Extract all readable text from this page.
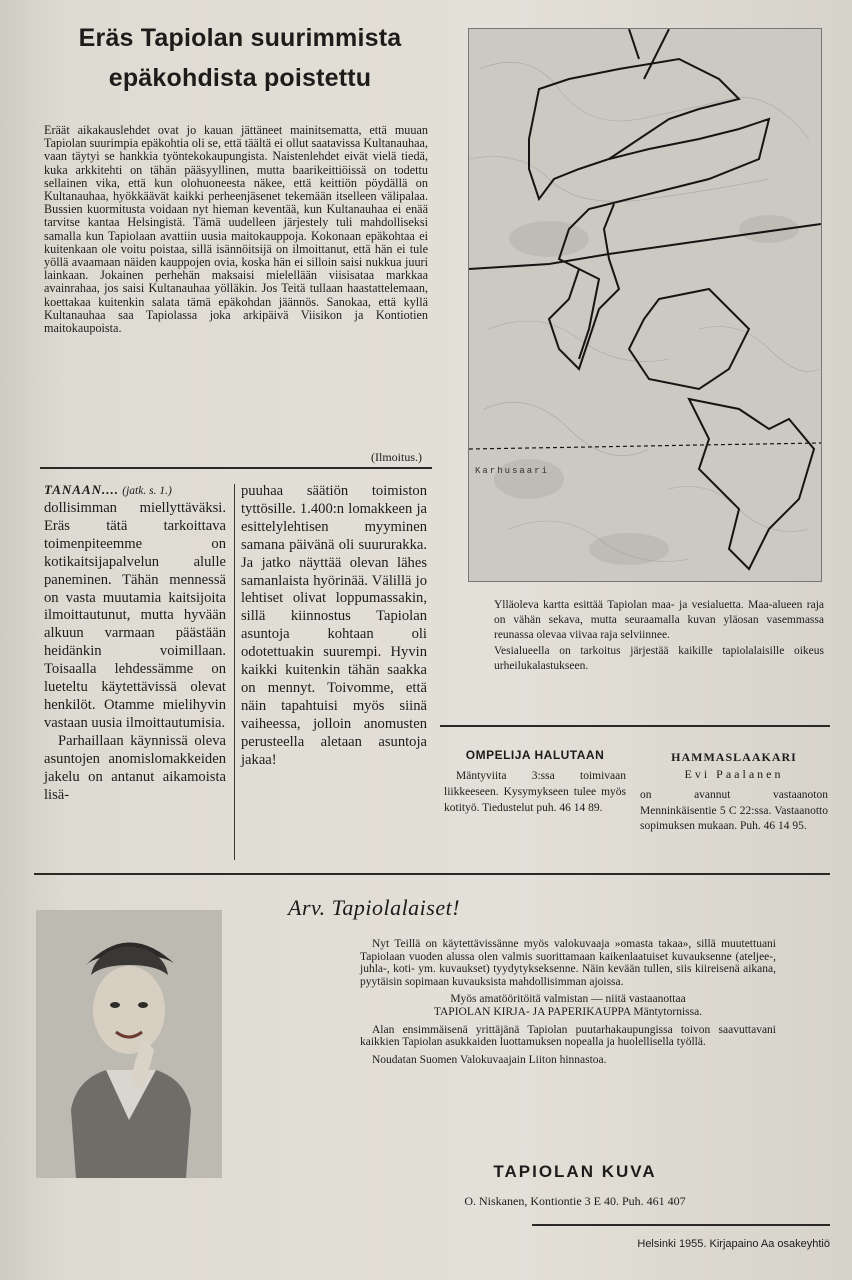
Eräs Tapiolan suurimmista
epäkohdista poistettu
Eräät aikakauslehdet ovat jo kauan jättäneet mainitsematta, että muuan Tapiolan suurimpia epäkohtia oli se, että täältä ei ollut saatavissa Kultanauhaa, vaan täytyi se hankkia työntekokaupungista. Naistenlehdet eivät vielä tiedä, kuka arkkitehti on tähän pääsyyllinen, mutta baarikeittiöissä on todettu sellainen vika, että kun olohuoneesta näkee, että keittiön pöydällä on Kultanauhaa, hyökkäävät kaikki perheenjäsenet tekemään itselleen välipalaa. Bussien kuormitusta voidaan nyt hieman keventää, kun Kultanauhaa ei enää tarvitse kantaa Helsingistä. Tämä uudelleen järjestely tuli mahdolliseksi samalla kun Tapiolaan avattiin uusia maitokauppoja. Kokonaan epäkohtaa ei kuitenkaan ole voitu poistaa, sillä isännöitsijä on ilmoittanut, että hän ei tule yöllä avaamaan näiden kauppojen ovia, koska hän ei silloin saisi nukkua juuri lainkaan. Jokainen perhehän maksaisi mielellään viisisataa markkaa avainrahaa, jos saisi Kultanauhaa yölläkin. Jos Teitä tullaan haastattelemaan, koettakaa kuitenkin salata tämä epäkohdan jäännös. Sanokaa, että kyllä Kultanauhaa saa Tapiolassa joka arkipäivä Viisikon ja Kontiotien maitokaupoista.
(Ilmoitus.)
TANAAN.... (jatk. s. 1.)
dollisimman miellyttäväksi. Eräs tätä tarkoittava toimenpiteemme on kotikaitsijapalvelun alulle paneminen. Tähän mennessä on vasta muutamia kaitsijoita ilmoittautunut, mutta hyvään alkuun varmaan päästään heidänkin voimillaan. Toisaalla lehdessämme on lueteltu käytettävissä olevat henkilöt. Otamme mielihyvin vastaan uusia ilmoittautumisia.
Parhaillaan käynnissä oleva asuntojen anomislomakkeiden jakelu on antanut aikamoista lisä-
puuhaa säätiön toimiston tyttösille. 1.400:n lomakkeen ja esittelylehtisen myyminen samana päivänä oli suururakka. Ja jatko näyttää olevan lähes samanlaista hyörinää. Välillä jo lehtiset olivat loppumassakin, sillä kiinnostus Tapiolan asuntoja kohtaan oli odotettuakin suurempi. Hyvin kaikki kuitenkin tähän saakka on mennyt. Toivomme, että näin tapahtuisi myös siinä vaiheessa, jolloin anomusten perusteella aletaan asuntoja jakaa!
Karhusaari
Ylläoleva kartta esittää Tapiolan maa- ja vesialuetta. Maa-alueen raja on vähän sekava, mutta seuraamalla kuvan yläosan vasemmassa reunassa olevaa viivaa raja selviinnee.
Vesialueella on tarkoitus järjestää kaikille tapiolalaisille oikeus urheilukalastukseen.
OMPELIJA HALUTAAN
Mäntyviita 3:ssa toimivaan liikkeeseen. Kysymykseen tulee myös kotityö. Tiedustelut puh. 46 14 89.
HAMMASLAAKARI
Evi Paalanen
on avannut vastaanoton Menninkäisentie 5 C 22:ssa. Vastaanotto sopimuksen mukaan. Puh. 46 14 95.
Arv. Tapiolalaiset!
Nyt Teillä on käytettävissänne myös valokuvaaja »omasta takaa», sillä muutettuani Tapiolaan vuoden alussa olen valmis suorittamaan kaikenlaatuiset kuvauksenne (ateljee-, juhla-, koti- ym. kuvaukset) tyydytykseksenne. Näin kevään tullen, siis kiireisenä aikana, pyytäisin sopimaan kuvauksista mahdollisimman ajoissa.
Myös amatööritöitä valmistan — niitä vastaanottaa
TAPIOLAN KIRJA- JA PAPERIKAUPPA Mäntytornissa.
Alan ensimmäisenä yrittäjänä Tapiolan puutarhakaupungissa toivon saavuttavani kaikkien Tapiolan asukkaiden luottamuksen nopealla ja huolellisella työllä.
Noudatan Suomen Valokuvaajain Liiton hinnastoa.
TAPIOLAN KUVA
O. Niskanen, Kontiontie 3 E 40. Puh. 461 407
Helsinki 1955. Kirjapaino Aa osakeyhtiö
